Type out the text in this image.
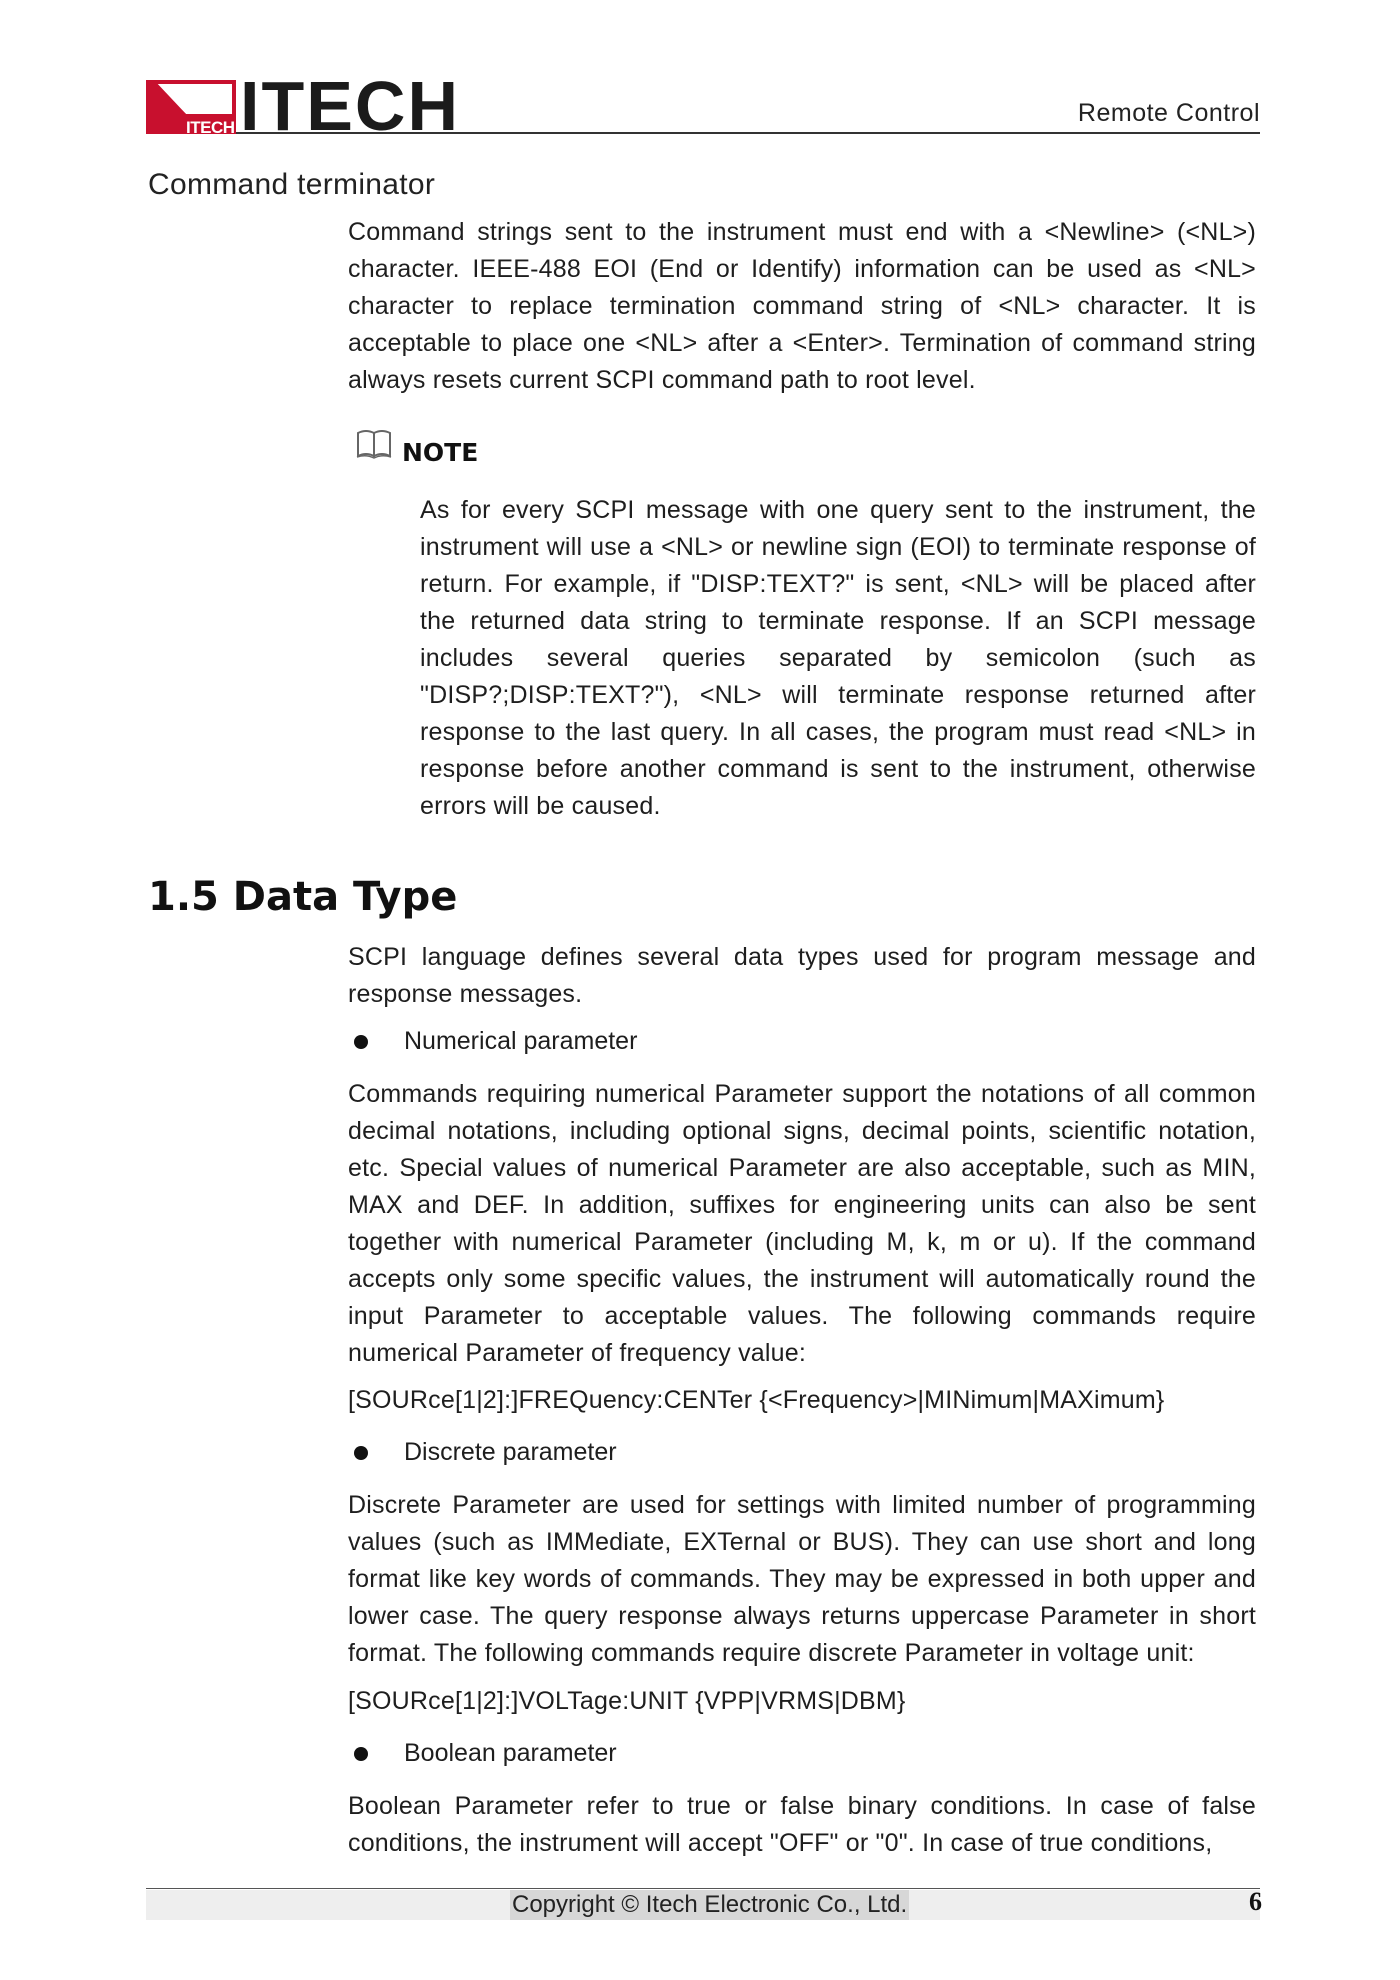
ITECH ITECH	Remote Control
Command terminator

Command strings sent to the instrument must end with a <Newline> (<NL>) character. IEEE-488 EOI (End or Identify) information can be used as <NL> character to replace termination command string of <NL> character. It is acceptable to place one <NL> after a <Enter>. Termination of command string always resets current SCPI command path to root level.

NOTE

As for every SCPI message with one query sent to the instrument, the instrument will use a <NL> or newline sign (EOI) to terminate response of return. For example, if "DISP:TEXT?" is sent, <NL> will be placed after the returned data string to terminate response. If an SCPI message includes several queries separated by semicolon (such as "DISP?;DISP:TEXT?"), <NL> will terminate response returned after response to the last query. In all cases, the program must read <NL> in response before another command is sent to the instrument, otherwise errors will be caused.

1.5 Data Type

SCPI language defines several data types used for program message and response messages.

Numerical parameter

Commands requiring numerical Parameter support the notations of all common decimal notations, including optional signs, decimal points, scientific notation, etc. Special values of numerical Parameter are also acceptable, such as MIN, MAX and DEF. In addition, suffixes for engineering units can also be sent together with numerical Parameter (including M, k, m or u). If the command accepts only some specific values, the instrument will automatically round the input Parameter to acceptable values. The following commands require numerical Parameter of frequency value:

[SOURce[1|2]:]FREQuency:CENTer {<Frequency>|MINimum|MAXimum}
Discrete parameter

Discrete Parameter are used for settings with limited number of programming values (such as IMMediate, EXTernal or BUS). They can use short and long format like key words of commands. They may be expressed in both upper and lower case. The query response always returns uppercase Parameter in short format. The following commands require discrete Parameter in voltage unit:

[SOURce[1|2]:]VOLTage:UNIT {VPP|VRMS|DBM}
Boolean parameter

Boolean Parameter refer to true or false binary conditions. In case of false conditions, the instrument will accept "OFF" or "0". In case of true conditions,

Copyright © Itech Electronic Co., Ltd.	6
